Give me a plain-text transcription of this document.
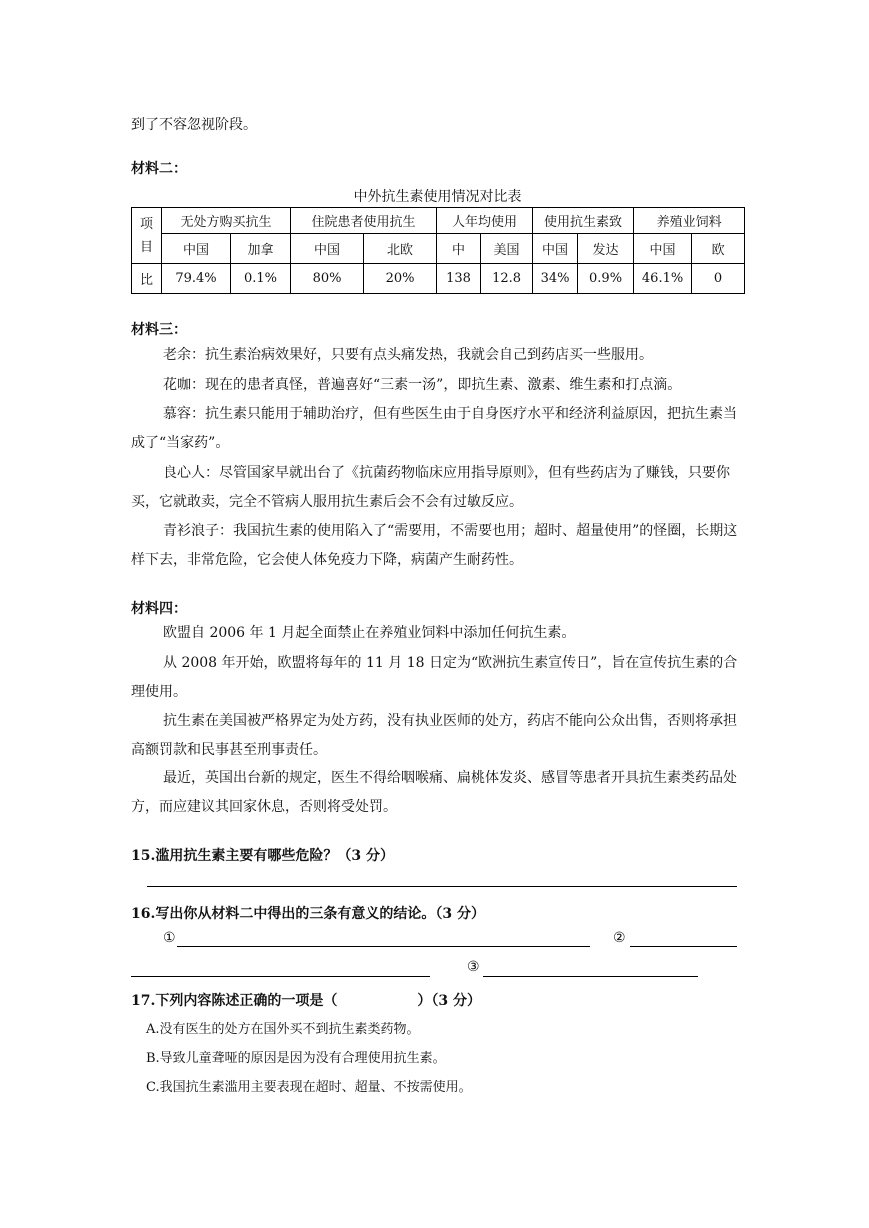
到了不容忽视阶段。
材料二：
中外抗生素使用情况对比表
项
目	无处方购买抗生		住院患者使用抗生		人年均使用		使用抗生素致		养殖业饲料	
	中国	加拿	中国	北欧	中	美国	中国	发达	中国	欧
比	79.4%	0.1%	80%	20%	138	12.8	34%	0.9%	46.1%	0
材料三：
老余：抗生素治病效果好，只要有点头痛发热，我就会自己到药店买一些服用。
花咖：现在的患者真怪，普遍喜好“三素一汤”，即抗生素、激素、维生素和打点滴。
慕容：抗生素只能用于辅助治疗，但有些医生由于自身医疗水平和经济利益原因，把抗生素当成了“当家药”。
良心人：尽管国家早就出台了《抗菌药物临床应用指导原则》，但有些药店为了赚钱，只要你买，它就敢卖，完全不管病人服用抗生素后会不会有过敏反应。
青衫浪子：我国抗生素的使用陷入了“需要用，不需要也用；超时、超量使用”的怪圈，长期这样下去，非常危险，它会使人体免疫力下降，病菌产生耐药性。
材料四：
欧盟自 2006 年 1 月起全面禁止在养殖业饲料中添加任何抗生素。
从 2008 年开始，欧盟将每年的 11 月 18 日定为“欧洲抗生素宣传日”，旨在宣传抗生素的合理使用。
抗生素在美国被严格界定为处方药，没有执业医师的处方，药店不能向公众出售，否则将承担高额罚款和民事甚至刑事责任。
最近，英国出台新的规定，医生不得给咽喉痛、扁桃体发炎、感冒等患者开具抗生素类药品处方，而应建议其回家休息，否则将受处罚。
15.滥用抗生素主要有哪些危险？（3 分）
16.写出你从材料二中得出的三条有意义的结论。（3 分）
①	②
③
17.下列内容陈述正确的一项是（	）（3 分）
A.没有医生的处方在国外买不到抗生素类药物。
B.导致儿童聋哑的原因是因为没有合理使用抗生素。
C.我国抗生素滥用主要表现在超时、超量、不按需使用。
